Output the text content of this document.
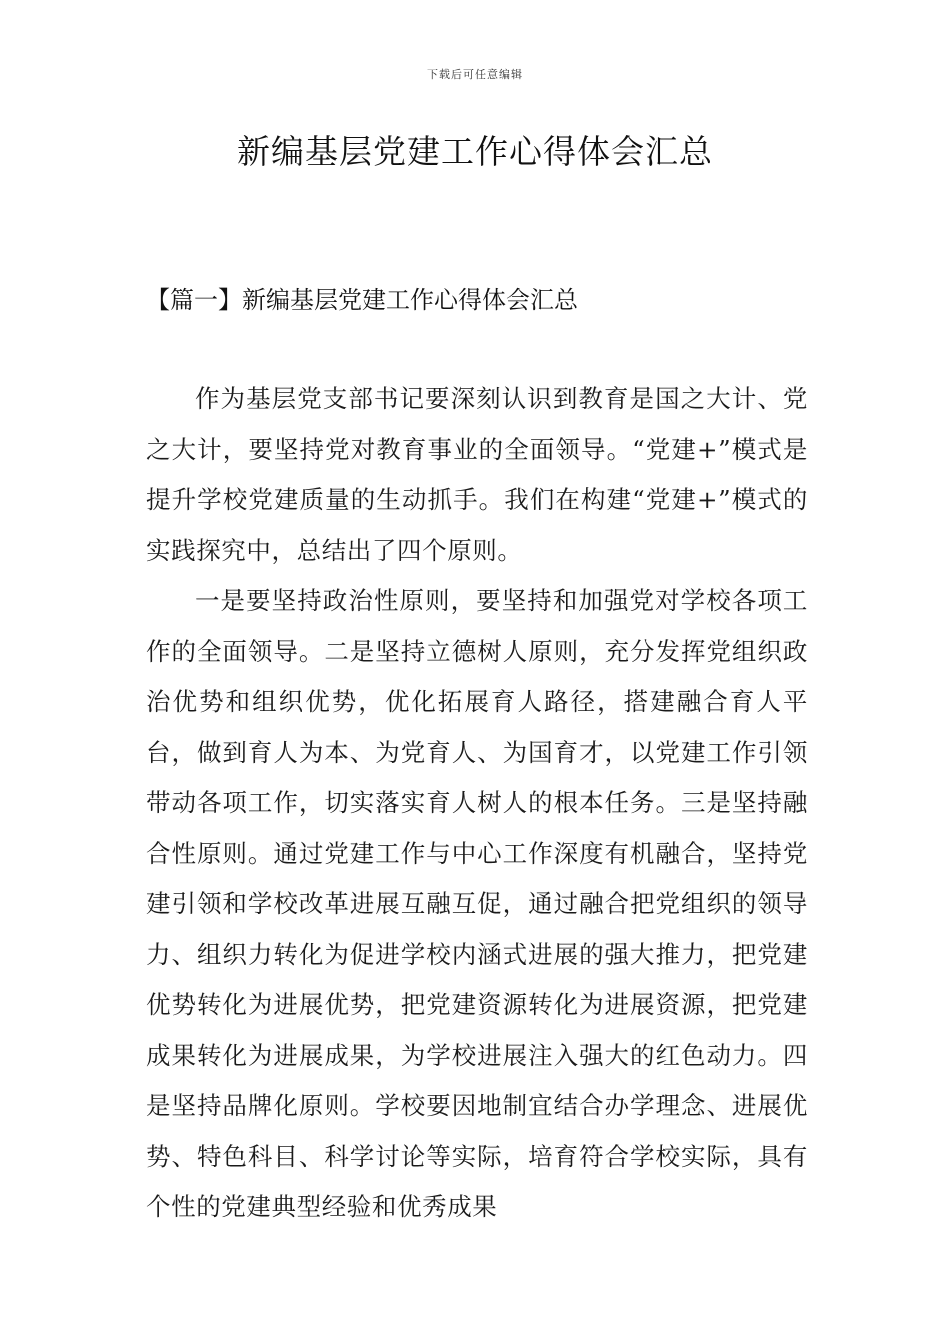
下载后可任意编辑
新编基层党建工作心得体会汇总
【篇一】新编基层党建工作心得体会汇总

作为基层党支部书记要深刻认识到教育是国之大计、党之大计，要坚持党对教育事业的全面领导。“党建+”模式是提升学校党建质量的生动抓手。我们在构建“党建+”模式的实践探究中，总结出了四个原则。

一是要坚持政治性原则，要坚持和加强党对学校各项工作的全面领导。二是坚持立德树人原则，充分发挥党组织政治优势和组织优势，优化拓展育人路径，搭建融合育人平台，做到育人为本、为党育人、为国育才，以党建工作引领带动各项工作，切实落实育人树人的根本任务。三是坚持融合性原则。通过党建工作与中心工作深度有机融合，坚持党建引领和学校改革进展互融互促，通过融合把党组织的领导力、组织力转化为促进学校内涵式进展的强大推力，把党建优势转化为进展优势，把党建资源转化为进展资源，把党建成果转化为进展成果，为学校进展注入强大的红色动力。四是坚持品牌化原则。学校要因地制宜结合办学理念、进展优势、特色科目、科学讨论等实际，培育符合学校实际，具有个性的党建典型经验和优秀成果
